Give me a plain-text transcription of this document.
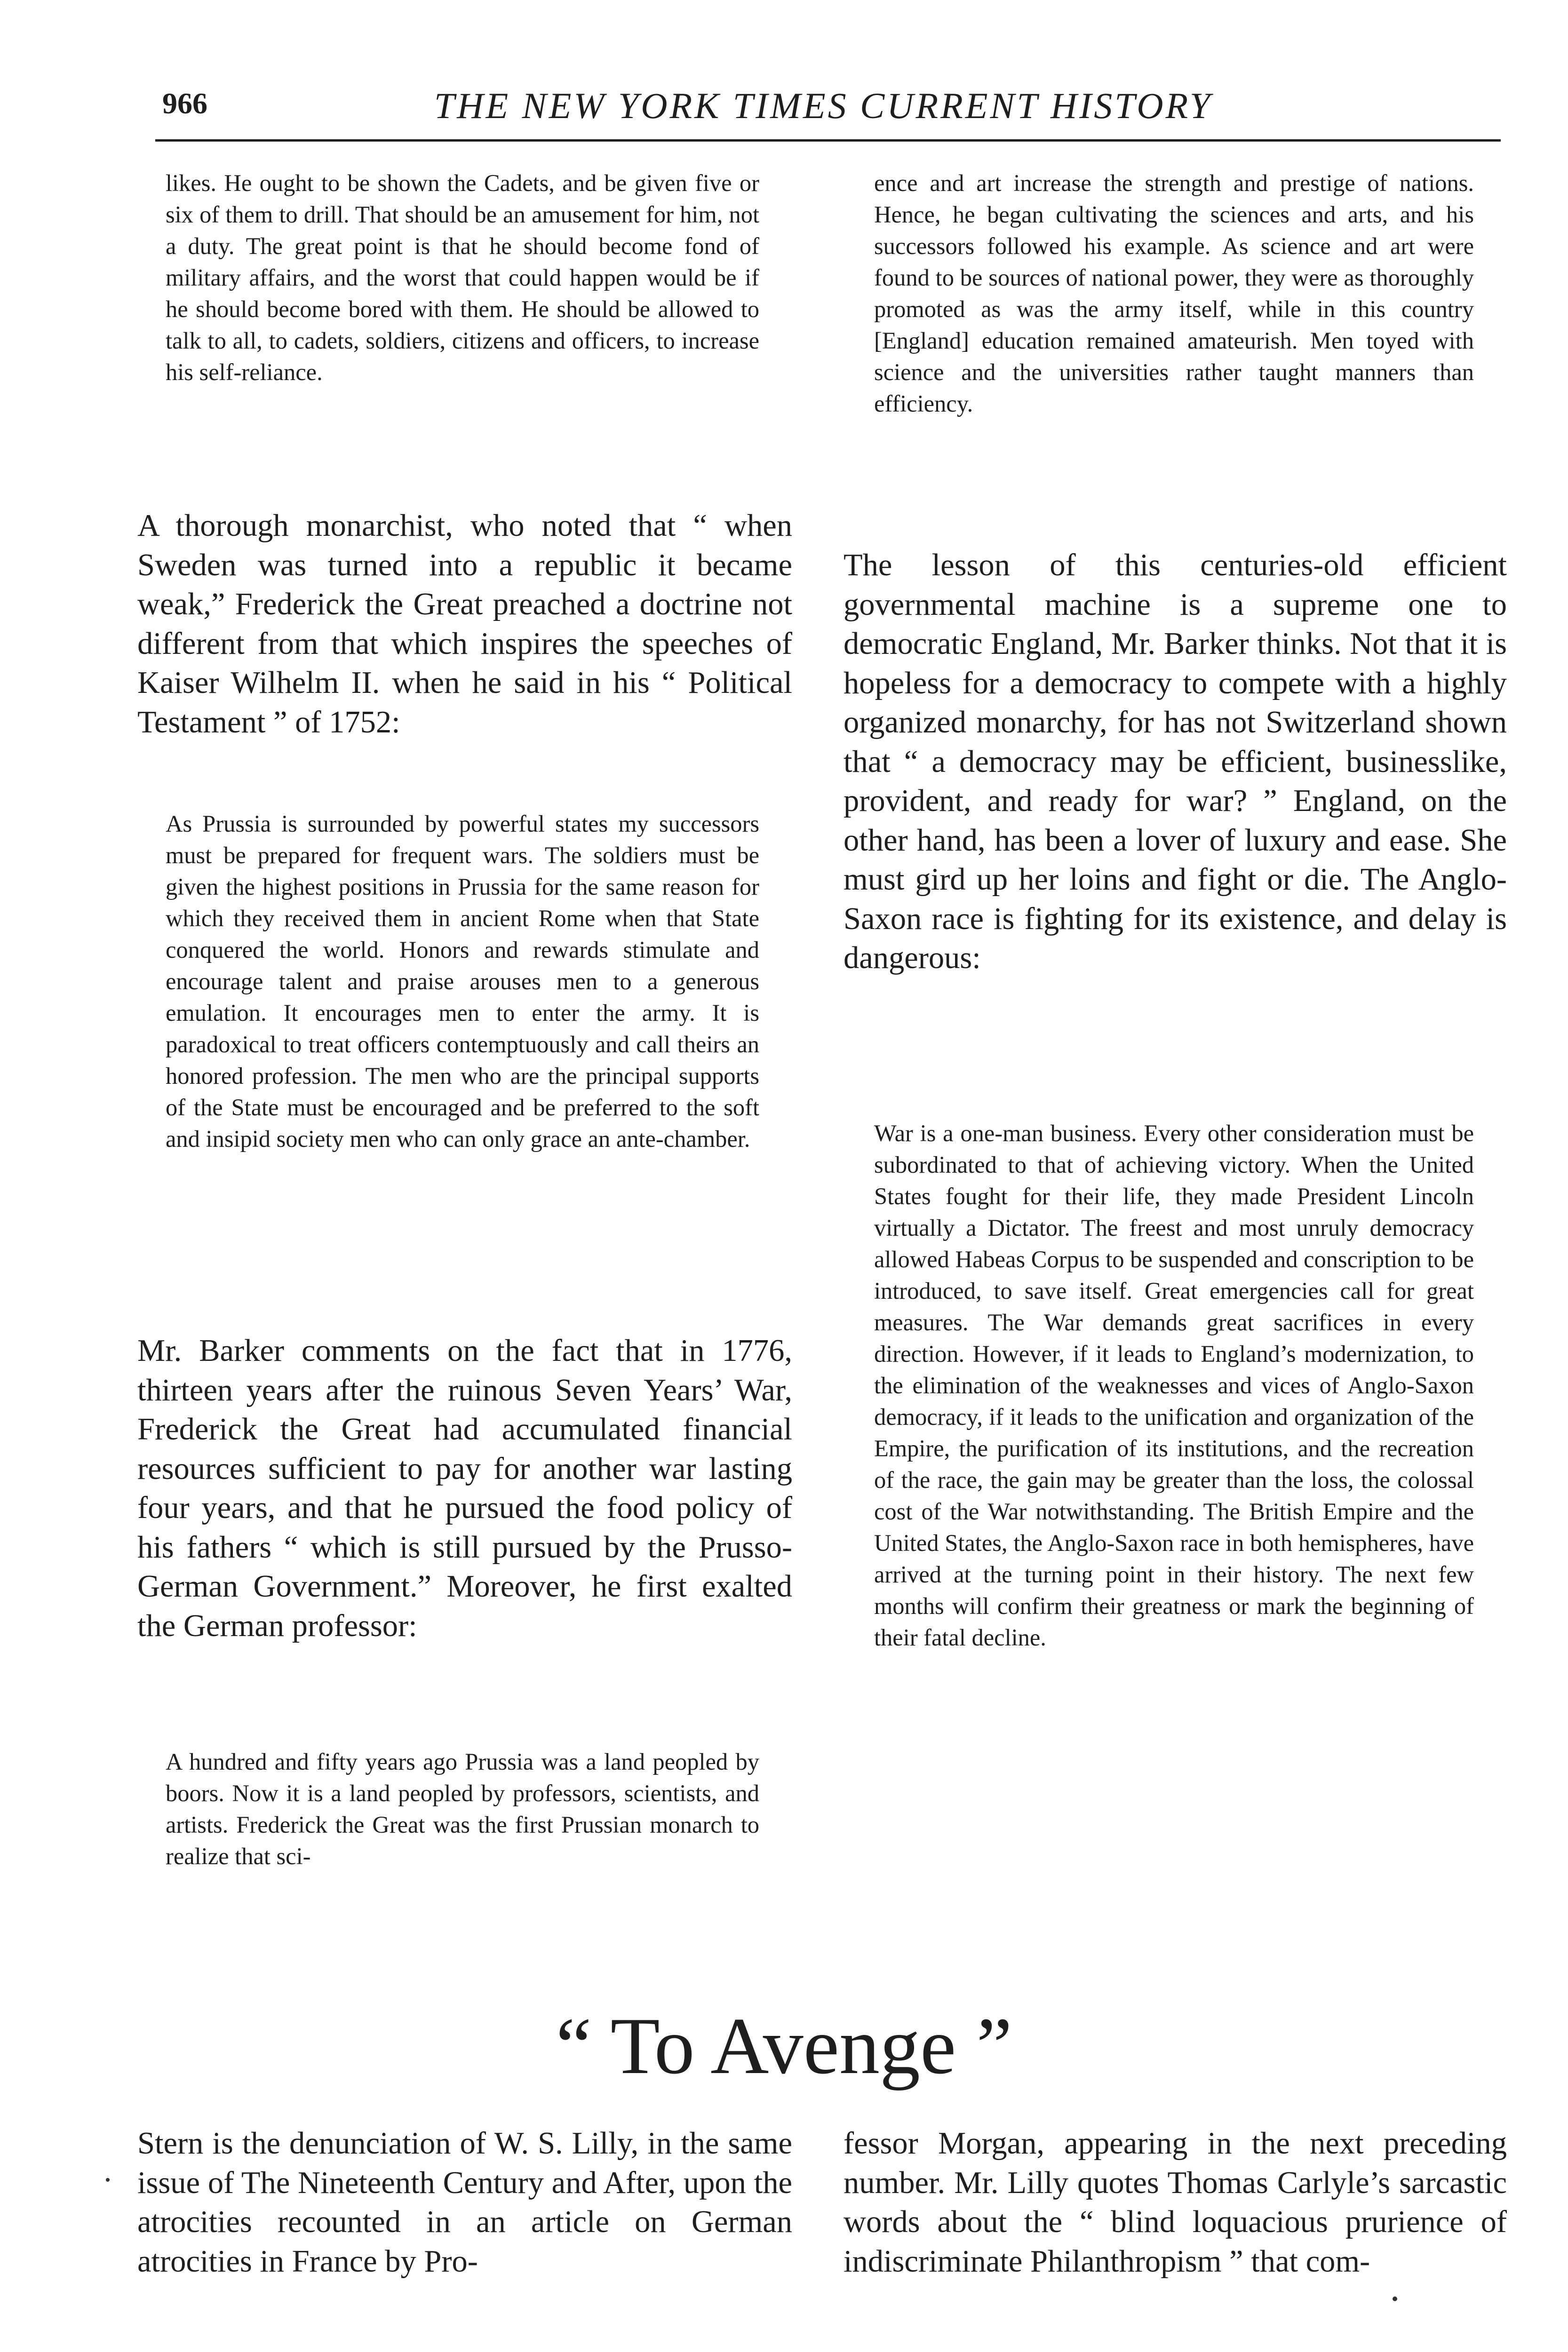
966	THE NEW YORK TIMES CURRENT HISTORY

likes. He ought to be shown the Cadets, and be given five or six of them to drill. That should be an amusement for him, not a duty. The great point is that he should become fond of military affairs, and the worst that could happen would be if he should become bored with them. He should be allowed to talk to all, to cadets, soldiers, citizens and officers, to increase his self-reliance.

A thorough monarchist, who noted that “ when Sweden was turned into a republic it became weak,” Frederick the Great preached a doctrine not different from that which inspires the speeches of Kaiser Wilhelm II. when he said in his “ Political Testament ” of 1752:

As Prussia is surrounded by powerful states my successors must be prepared for frequent wars. The soldiers must be given the highest positions in Prussia for the same reason for which they received them in ancient Rome when that State conquered the world. Honors and rewards stimulate and encourage talent and praise arouses men to a generous emulation. It encourages men to enter the army. It is paradoxical to treat officers contemptuously and call theirs an honored profession. The men who are the principal supports of the State must be encouraged and be preferred to the soft and insipid society men who can only grace an ante-chamber.

Mr. Barker comments on the fact that in 1776, thirteen years after the ruinous Seven Years’ War, Frederick the Great had accumulated financial resources sufficient to pay for another war lasting four years, and that he pursued the food policy of his fathers “ which is still pursued by the Prusso-German Government.” Moreover, he first exalted the German professor:

A hundred and fifty years ago Prussia was a land peopled by boors. Now it is a land peopled by professors, scientists, and artists. Frederick the Great was the first Prussian monarch to realize that sci-

ence and art increase the strength and prestige of nations. Hence, he began cultivating the sciences and arts, and his successors followed his example. As science and art were found to be sources of national power, they were as thoroughly promoted as was the army itself, while in this country [England] education remained amateurish. Men toyed with science and the universities rather taught manners than efficiency.

The lesson of this centuries-old efficient governmental machine is a supreme one to democratic England, Mr. Barker thinks. Not that it is hopeless for a democracy to compete with a highly organized monarchy, for has not Switzerland shown that “ a democracy may be efficient, businesslike, provident, and ready for war? ” England, on the other hand, has been a lover of luxury and ease. She must gird up her loins and fight or die. The Anglo-Saxon race is fighting for its existence, and delay is dangerous:

War is a one-man business. Every other consideration must be subordinated to that of achieving victory. When the United States fought for their life, they made President Lincoln virtually a Dictator. The freest and most unruly democracy allowed Habeas Corpus to be suspended and conscription to be introduced, to save itself. Great emergencies call for great measures. The War demands great sacrifices in every direction. However, if it leads to England’s modernization, to the elimination of the weaknesses and vices of Anglo-Saxon democracy, if it leads to the unification and organization of the Empire, the purification of its institutions, and the recreation of the race, the gain may be greater than the loss, the colossal cost of the War notwithstanding. The British Empire and the United States, the Anglo-Saxon race in both hemispheres, have arrived at the turning point in their history. The next few months will confirm their greatness or mark the beginning of their fatal decline.

“ To Avenge ”

Stern is the denunciation of W. S. Lilly, in the same issue of The Nineteenth Century and After, upon the atrocities recounted in an article on German atrocities in France by Pro-

fessor Morgan, appearing in the next preceding number. Mr. Lilly quotes Thomas Carlyle’s sarcastic words about the “ blind loquacious prurience of indiscriminate Philanthropism ” that com-
